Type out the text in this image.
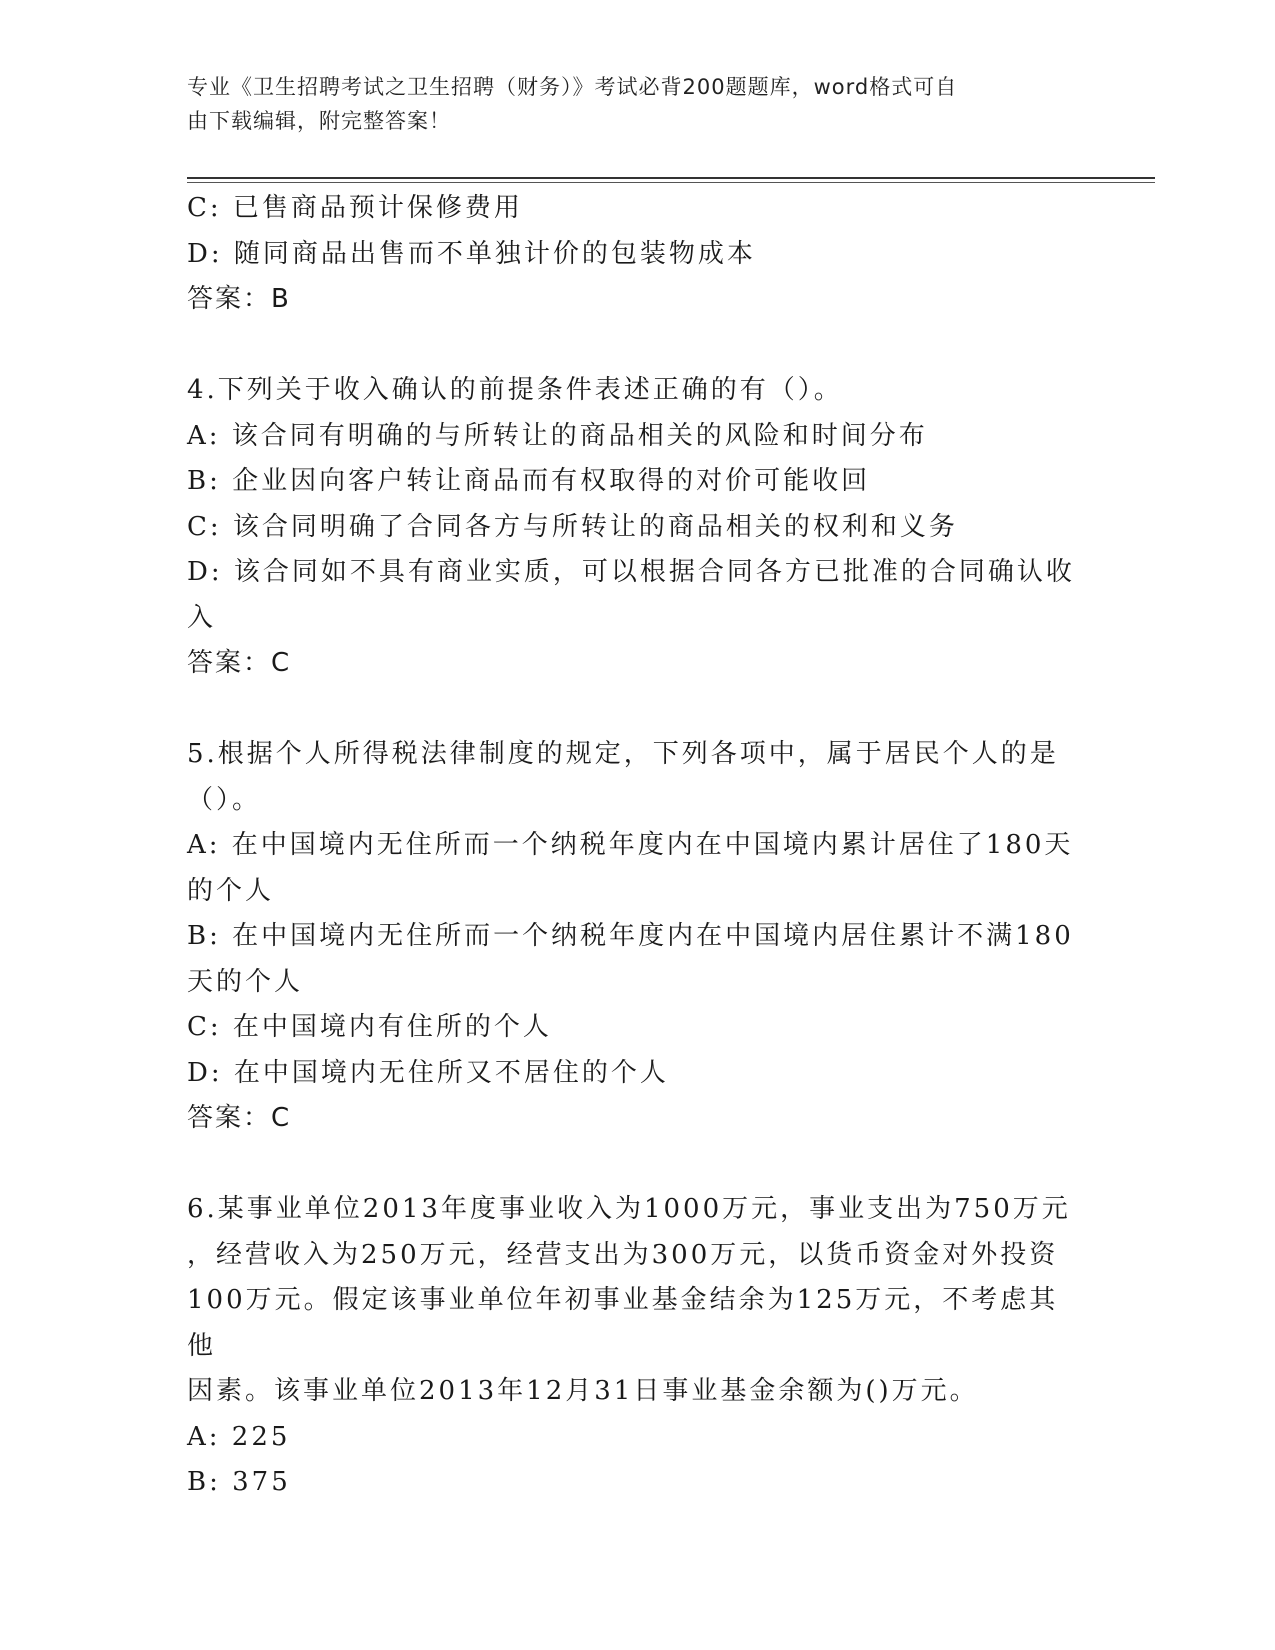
专业《卫生招聘考试之卫生招聘（财务）》考试必背200题题库，word格式可自
由下载编辑，附完整答案！

C: 已售商品预计保修费用

D: 随同商品出售而不单独计价的包装物成本

答案：B

4.下列关于收入确认的前提条件表述正确的有（）。

A: 该合同有明确的与所转让的商品相关的风险和时间分布

B: 企业因向客户转让商品而有权取得的对价可能收回

C: 该合同明确了合同各方与所转让的商品相关的权利和义务

D: 该合同如不具有商业实质，可以根据合同各方已批准的合同确认收

入

答案：C

5.根据个人所得税法律制度的规定，下列各项中，属于居民个人的是

（）。

A: 在中国境内无住所而一个纳税年度内在中国境内累计居住了180天

的个人

B: 在中国境内无住所而一个纳税年度内在中国境内居住累计不满180

天的个人

C: 在中国境内有住所的个人

D: 在中国境内无住所又不居住的个人

答案：C

6.某事业单位2013年度事业收入为1000万元，事业支出为750万元

，经营收入为250万元，经营支出为300万元，以货币资金对外投资

100万元。假定该事业单位年初事业基金结余为125万元，不考虑其他

因素。该事业单位2013年12月31日事业基金余额为()万元。

A: 225

B: 375
